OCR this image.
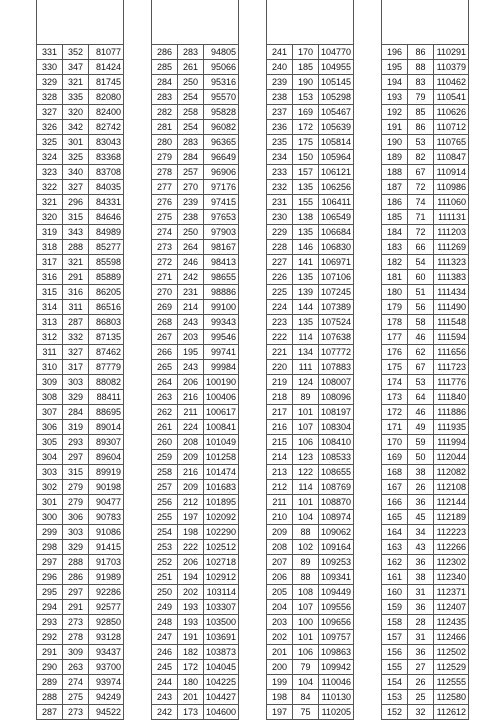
331	352	81077
330	347	81424
329	321	81745
328	335	82080
327	320	82400
326	342	82742
325	301	83043
324	325	83368
323	340	83708
322	327	84035
321	296	84331
320	315	84646
319	343	84989
318	288	85277
317	321	85598
316	291	85889
315	316	86205
314	311	86516
313	287	86803
312	332	87135
311	327	87462
310	317	87779
309	303	88082
308	329	88411
307	284	88695
306	319	89014
305	293	89307
304	297	89604
303	315	89919
302	279	90198
301	279	90477
300	306	90783
299	303	91086
298	329	91415
297	288	91703
296	286	91989
295	297	92286
294	291	92577
293	273	92850
292	278	93128
291	309	93437
290	263	93700
289	274	93974
288	275	94249
287	273	94522
286	283	94805
285	261	95066
284	250	95316
283	254	95570
282	258	95828
281	254	96082
280	283	96365
279	284	96649
278	257	96906
277	270	97176
276	239	97415
275	238	97653
274	250	97903
273	264	98167
272	246	98413
271	242	98655
270	231	98886
269	214	99100
268	243	99343
267	203	99546
266	195	99741
265	243	99984
264	206	100190
263	216	100406
262	211	100617
261	224	100841
260	208	101049
259	209	101258
258	216	101474
257	209	101683
256	212	101895
255	197	102092
254	198	102290
253	222	102512
252	206	102718
251	194	102912
250	202	103114
249	193	103307
248	193	103500
247	191	103691
246	182	103873
245	172	104045
244	180	104225
243	201	104427
242	173	104600
241	170	104770
240	185	104955
239	190	105145
238	153	105298
237	169	105467
236	172	105639
235	175	105814
234	150	105964
233	157	106121
232	135	106256
231	155	106411
230	138	106549
229	135	106684
228	146	106830
227	141	106971
226	135	107106
225	139	107245
224	144	107389
223	135	107524
222	114	107638
221	134	107772
220	111	107883
219	124	108007
218	89	108096
217	101	108197
216	107	108304
215	106	108410
214	123	108533
213	122	108655
212	114	108769
211	101	108870
210	104	108974
209	88	109062
208	102	109164
207	89	109253
206	88	109341
205	108	109449
204	107	109556
203	100	109656
202	101	109757
201	106	109863
200	79	109942
199	104	110046
198	84	110130
197	75	110205
196	86	110291
195	88	110379
194	83	110462
193	79	110541
192	85	110626
191	86	110712
190	53	110765
189	82	110847
188	67	110914
187	72	110986
186	74	111060
185	71	111131
184	72	111203
183	66	111269
182	54	111323
181	60	111383
180	51	111434
179	56	111490
178	58	111548
177	46	111594
176	62	111656
175	67	111723
174	53	111776
173	64	111840
172	46	111886
171	49	111935
170	59	111994
169	50	112044
168	38	112082
167	26	112108
166	36	112144
165	45	112189
164	34	112223
163	43	112266
162	36	112302
161	38	112340
160	31	112371
159	36	112407
158	28	112435
157	31	112466
156	36	112502
155	27	112529
154	26	112555
153	25	112580
152	32	112612
